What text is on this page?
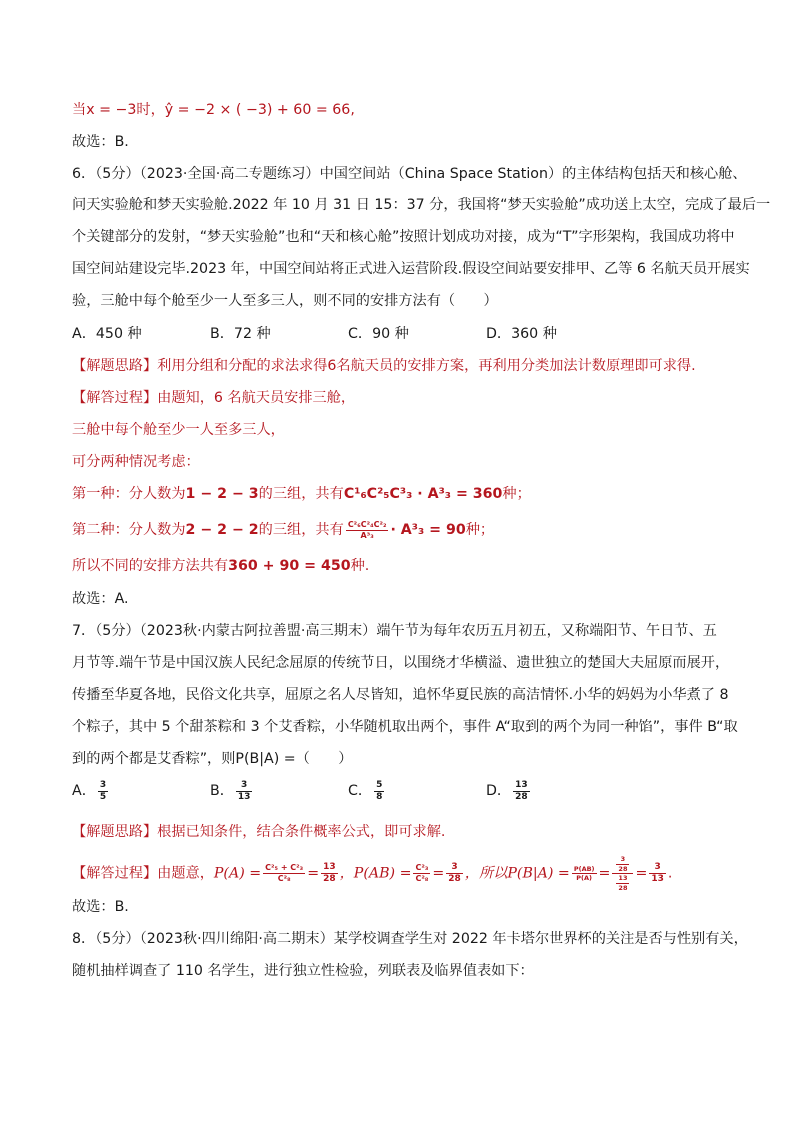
当x = −3时，ŷ = −2 × ( −3) + 60 = 66,
故选：B.
6．（5分）（2023·全国·高二专题练习）中国空间站（China Space Station）的主体结构包括天和核心舱、
问天实验舱和梦天实验舱.2022 年 10 月 31 日 15：37 分，我国将“梦天实验舱”成功送上太空，完成了最后一
个关键部分的发射，“梦天实验舱”也和“天和核心舱”按照计划成功对接，成为“T”字形架构，我国成功将中
国空间站建设完毕.2023 年，中国空间站将正式进入运营阶段.假设空间站要安排甲、乙等 6 名航天员开展实
验，三舱中每个舱至少一人至多三人，则不同的安排方法有（　　）
A．450 种	B．72 种	C．90 种	D．360 种
【解题思路】利用分组和分配的求法求得6名航天员的安排方案，再利用分类加法计数原理即可求得.
【解答过程】由题知，6 名航天员安排三舱，
三舱中每个舱至少一人至多三人，
可分两种情况考虑：
第一种：分人数为1 − 2 − 3的三组，共有C¹₆C²₅C³₃ · A³₃ = 360种；
第二种：分人数为2 − 2 − 2的三组，共有 $\frac{\text{C²₆C²₄C²₂}}{\text{A³₃}} \cdot A^3_3 = 90$种；
所以不同的安排方法共有360 + 90 = 450种.
故选：A.
7．（5分）（2023秋·内蒙古阿拉善盟·高三期末）端午节为每年农历五月初五，又称端阳节、午日节、五
月节等.端午节是中国汉族人民纪念屈原的传统节日，以围绕才华横溢、遗世独立的楚国大夫屈原而展开，
传播至华夏各地，民俗文化共享，屈原之名人尽皆知，追怀华夏民族的高洁情怀.小华的妈妈为小华煮了 8
个粽子，其中 5 个甜茶粽和 3 个艾香粽，小华随机取出两个，事件 A“取到的两个为同一种馅”，事件 B“取
到的两个都是艾香粽”，则P(B|A) =（　　）
A． $\frac{3}{5}$	B． $\frac{3}{13}$	C． $\frac{5}{8}$	D． $\frac{13}{28}$
【解题思路】根据已知条件，结合条件概率公式，即可求解.
【解答过程】由题意，$P(A) = \frac{\text{C²₅ + C²₃}}{\text{C²₈}} = \frac{13}{28}$ ，$P(AB) = \frac{\text{C²₃}}{\text{C²₈}} = \frac{3}{28}$ ，所以$P(B|A) = \frac{P(AB)}{P(A)} = \frac{\frac{3}{28}}{\frac{13}{28}} = \frac{3}{13}$ .
故选：B.
8．（5分）（2023秋·四川绵阳·高二期末）某学校调查学生对 2022 年卡塔尔世界杯的关注是否与性别有关，
随机抽样调查了 110 名学生，进行独立性检验，列联表及临界值表如下：
